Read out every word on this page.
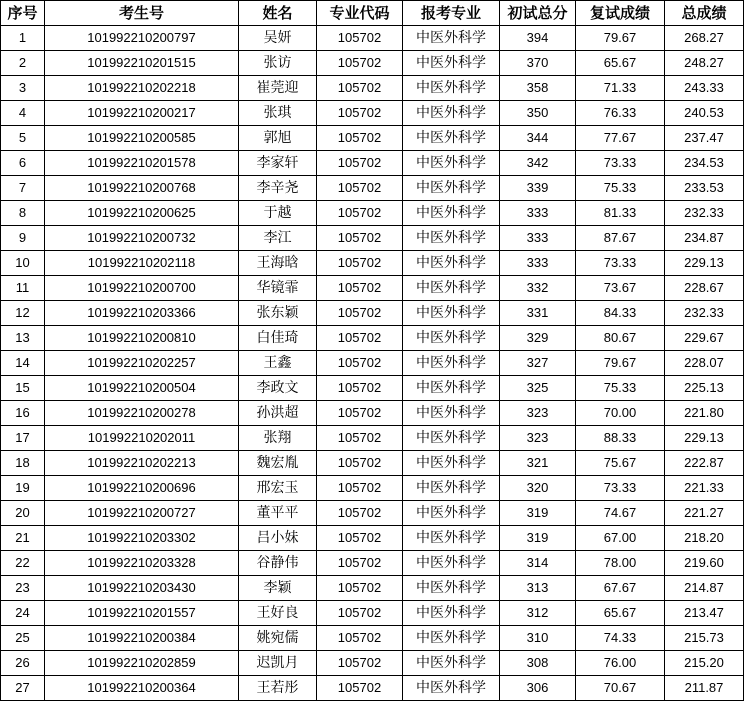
序号	考生号	姓名	专业代码	报考专业	初试总分	复试成绩	总成绩
1	101992210200797	吴妍	105702	中医外科学	394	79.67	268.27
2	101992210201515	张访	105702	中医外科学	370	65.67	248.27
3	101992210202218	崔莞迎	105702	中医外科学	358	71.33	243.33
4	101992210200217	张琪	105702	中医外科学	350	76.33	240.53
5	101992210200585	郭旭	105702	中医外科学	344	77.67	237.47
6	101992210201578	李家轩	105702	中医外科学	342	73.33	234.53
7	101992210200768	李辛尧	105702	中医外科学	339	75.33	233.53
8	101992210200625	于越	105702	中医外科学	333	81.33	232.33
9	101992210200732	李江	105702	中医外科学	333	87.67	234.87
10	101992210202118	王海晗	105702	中医外科学	333	73.33	229.13
11	101992210200700	华镜霏	105702	中医外科学	332	73.67	228.67
12	101992210203366	张东颖	105702	中医外科学	331	84.33	232.33
13	101992210200810	白佳琦	105702	中医外科学	329	80.67	229.67
14	101992210202257	王鑫	105702	中医外科学	327	79.67	228.07
15	101992210200504	李政文	105702	中医外科学	325	75.33	225.13
16	101992210200278	孙洪超	105702	中医外科学	323	70.00	221.80
17	101992210202011	张翔	105702	中医外科学	323	88.33	229.13
18	101992210202213	魏宏胤	105702	中医外科学	321	75.67	222.87
19	101992210200696	邢宏玉	105702	中医外科学	320	73.33	221.33
20	101992210200727	董平平	105702	中医外科学	319	74.67	221.27
21	101992210203302	吕小妹	105702	中医外科学	319	67.00	218.20
22	101992210203328	谷静伟	105702	中医外科学	314	78.00	219.60
23	101992210203430	李颖	105702	中医外科学	313	67.67	214.87
24	101992210201557	王好良	105702	中医外科学	312	65.67	213.47
25	101992210200384	姚宛儒	105702	中医外科学	310	74.33	215.73
26	101992210202859	迟凯月	105702	中医外科学	308	76.00	215.20
27	101992210200364	王若彤	105702	中医外科学	306	70.67	211.87
